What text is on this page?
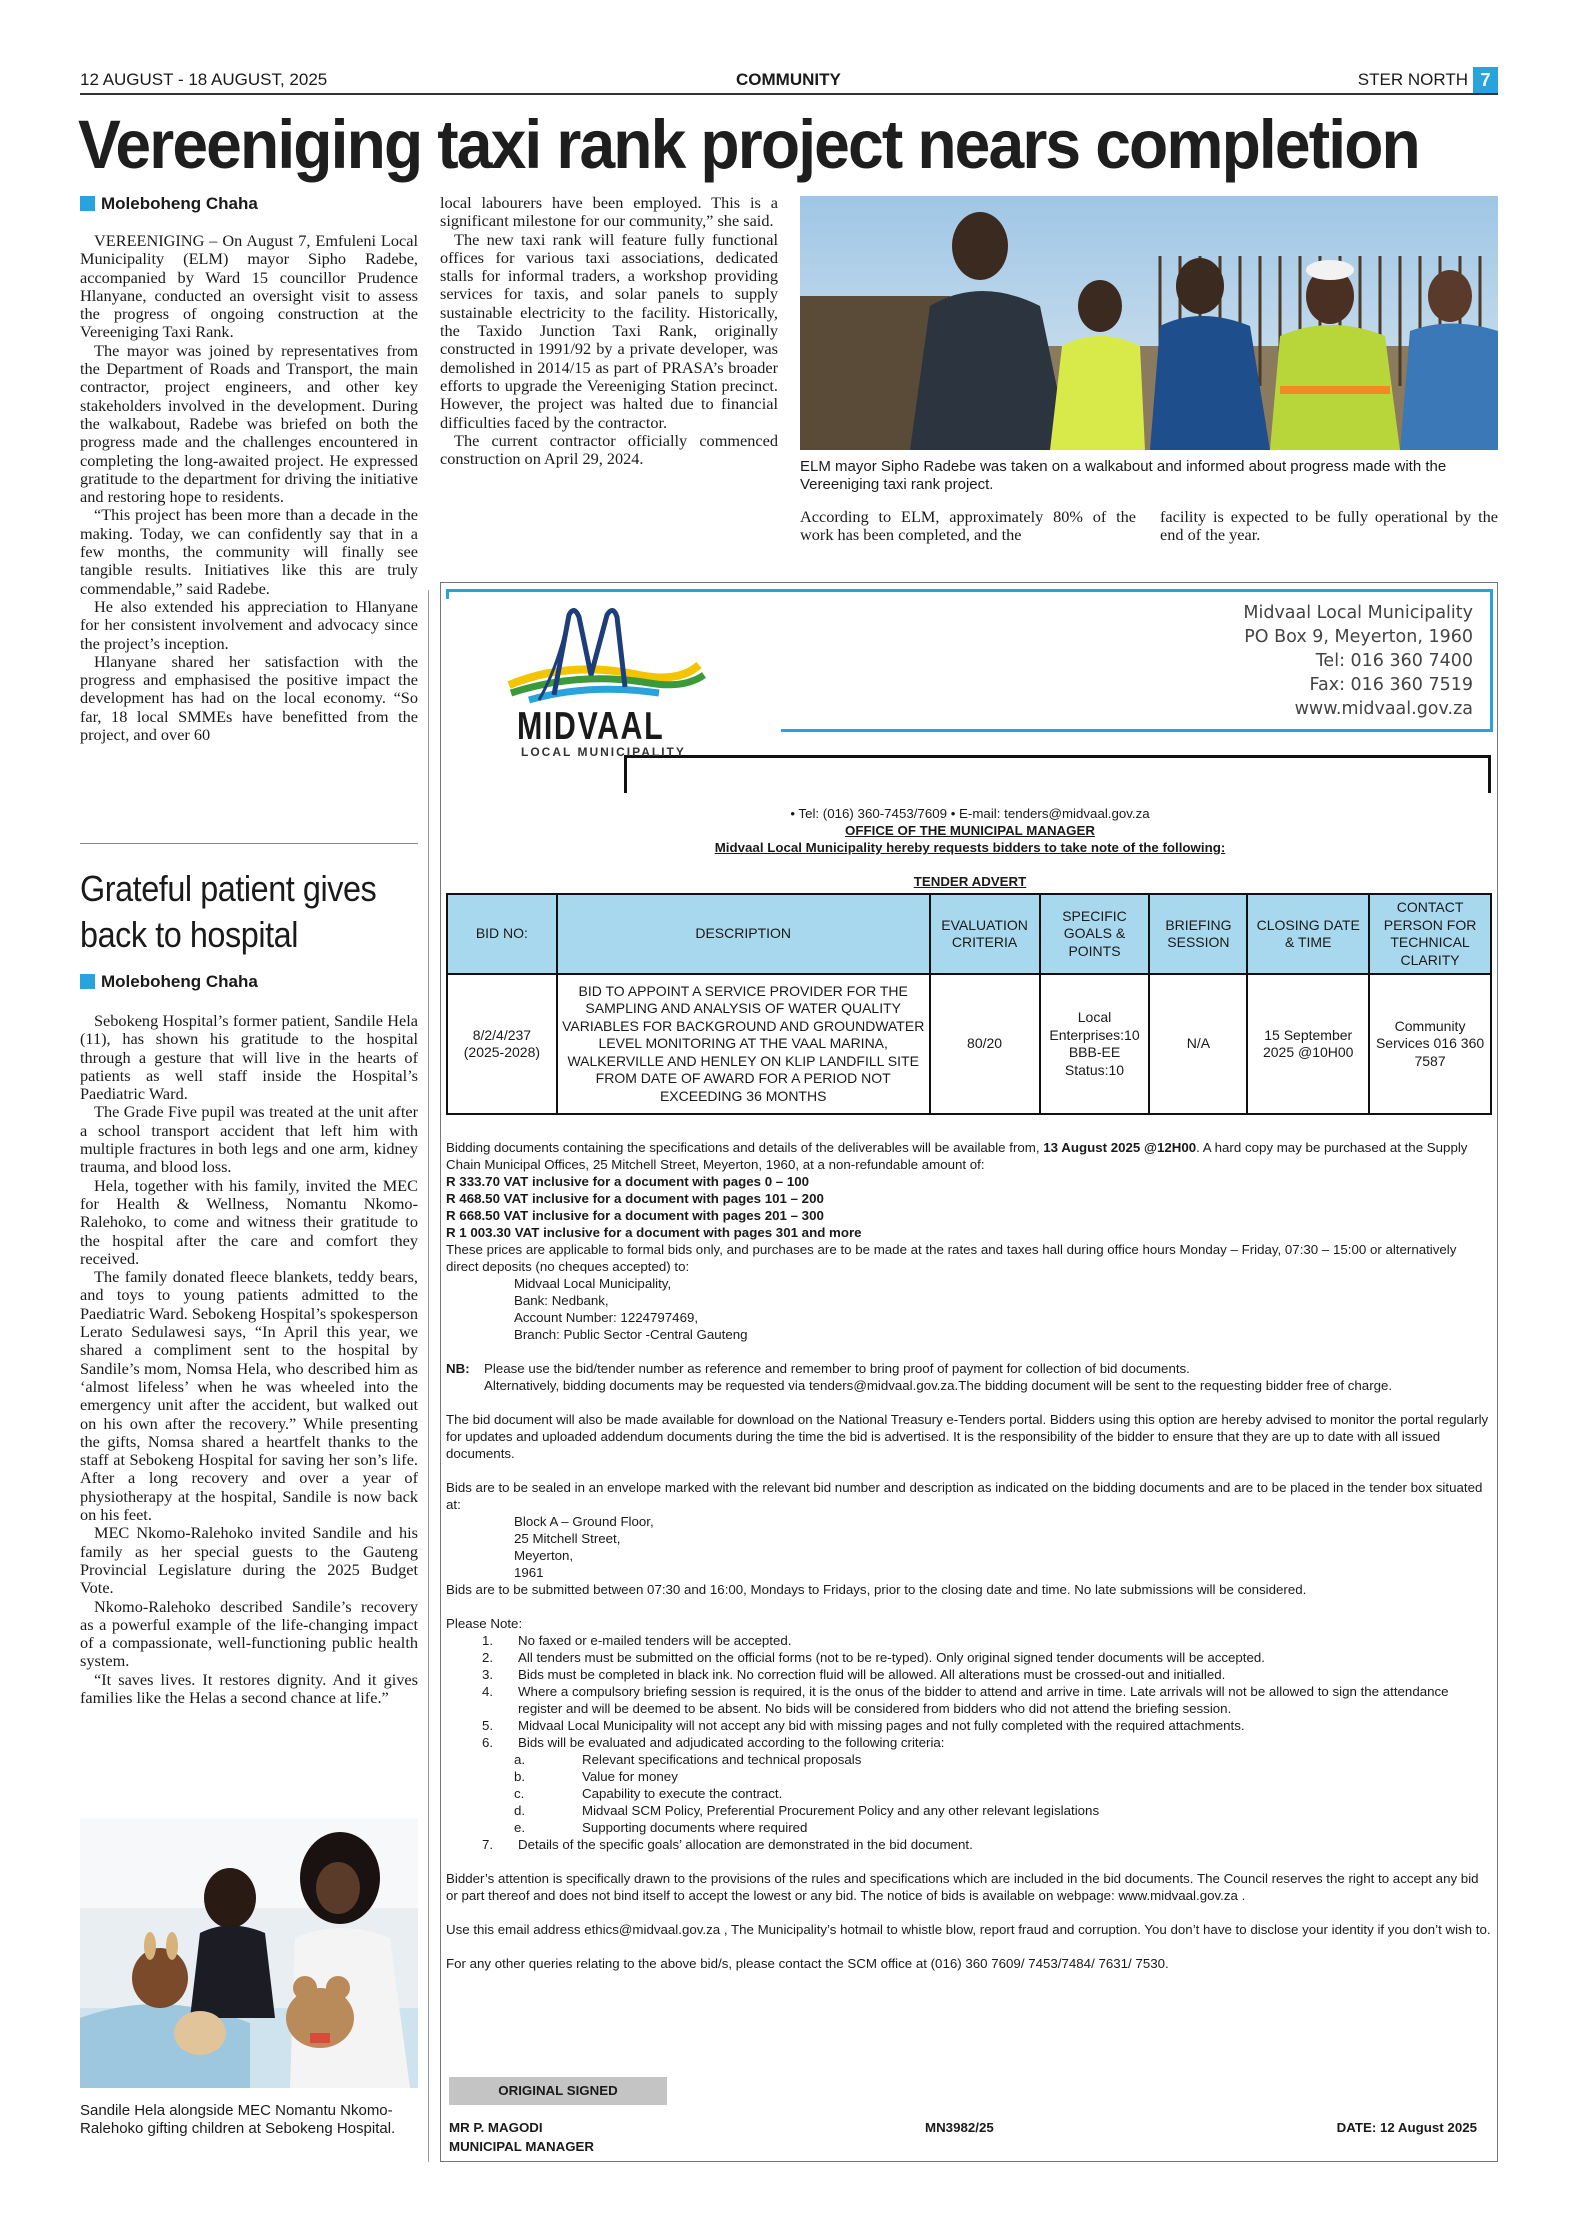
12 AUGUST - 18 AUGUST, 2025	COMMUNITY	STER NORTH 7
Vereeniging taxi rank project nears completion
Moleboheng Chaha

VEREENIGING – On August 7, Emfuleni Local Municipality (ELM) mayor Sipho Radebe, accompanied by Ward 15 councillor Prudence Hlanyane, conducted an oversight visit to assess the progress of ongoing construction at the Vereeniging Taxi Rank.

The mayor was joined by representatives from the Department of Roads and Transport, the main contractor, project engineers, and other key stakeholders involved in the development. During the walkabout, Radebe was briefed on both the progress made and the challenges encountered in completing the long-awaited project. He expressed gratitude to the department for driving the initiative and restoring hope to residents.

“This project has been more than a decade in the making. Today, we can confidently say that in a few months, the community will finally see tangible results. Initiatives like this are truly commendable,” said Radebe.

He also extended his appreciation to Hlanyane for her consistent involvement and advocacy since the project’s inception.

Hlanyane shared her satisfaction with the progress and emphasised the positive impact the development has had on the local economy. “So far, 18 local SMMEs have benefitted from the project, and over 60

local labourers have been employed. This is a significant milestone for our community,” she said.

The new taxi rank will feature fully functional offices for various taxi associations, dedicated stalls for informal traders, a workshop providing services for taxis, and solar panels to supply sustainable electricity to the facility. Historically, the Taxido Junction Taxi Rank, originally constructed in 1991/92 by a private developer, was demolished in 2014/15 as part of PRASA’s broader efforts to upgrade the Vereeniging Station precinct. However, the project was halted due to financial difficulties faced by the contractor.

The current contractor officially commenced construction on April 29, 2024.	ELM mayor Sipho Radebe was taken on a walkabout and informed about progress made with the Vereeniging taxi rank project.
According to ELM, approximately 80% of the work has been completed, and the
facility is expected to be fully operational by the end of the year.
Grateful patient gives
back to hospital
Moleboheng Chaha

Sebokeng Hospital’s former patient, Sandile Hela (11), has shown his gratitude to the hospital through a gesture that will live in the hearts of patients as well staff inside the Hospital’s Paediatric Ward.

The Grade Five pupil was treated at the unit after a school transport accident that left him with multiple fractures in both legs and one arm, kidney trauma, and blood loss.

Hela, together with his family, invited the MEC for Health & Wellness, Nomantu Nkomo-Ralehoko, to come and witness their gratitude to the hospital after the care and comfort they received.

The family donated fleece blankets, teddy bears, and toys to young patients admitted to the Paediatric Ward. Sebokeng Hospital’s spokesperson Lerato Sedulawesi says, “In April this year, we shared a compliment sent to the hospital by Sandile’s mom, Nomsa Hela, who described him as ‘almost lifeless’ when he was wheeled into the emergency unit after the accident, but walked out on his own after the recovery.” While presenting the gifts, Nomsa shared a heartfelt thanks to the staff at Sebokeng Hospital for saving her son’s life. After a long recovery and over a year of physiotherapy at the hospital, Sandile is now back on his feet.

MEC Nkomo-Ralehoko invited Sandile and his family as her special guests to the Gauteng Provincial Legislature during the 2025 Budget Vote.

Nkomo-Ralehoko described Sandile’s recovery as a powerful example of the life-changing impact of a compassionate, well-functioning public health system.

“It saves lives. It restores dignity. And it gives families like the Helas a second chance at life.”

Sandile Hela alongside MEC Nomantu Nkomo-Ralehoko gifting children at Sebokeng Hospital.
MIDVAAL
LOCAL MUNICIPALITY
Midvaal Local Municipality
PO Box 9, Meyerton, 1960
Tel: 016 360 7400
Fax: 016 360 7519
www.midvaal.gov.za
• Tel: (016) 360-7453/7609 • E-mail: tenders@midvaal.gov.za
OFFICE OF THE MUNICIPAL MANAGER
Midvaal Local Municipality hereby requests bidders to take note of the following:
TENDER ADVERT
BID NO:	DESCRIPTION	EVALUATION CRITERIA	SPECIFIC GOALS & POINTS	BRIEFING SESSION	CLOSING DATE & TIME	CONTACT PERSON FOR TECHNICAL CLARITY
8/2/4/237 (2025-2028)	BID TO APPOINT A SERVICE PROVIDER FOR THE SAMPLING AND ANALYSIS OF WATER QUALITY VARIABLES FOR BACKGROUND AND GROUNDWATER LEVEL MONITORING AT THE VAAL MARINA, WALKERVILLE AND HENLEY ON KLIP LANDFILL SITE FROM DATE OF AWARD FOR A PERIOD NOT EXCEEDING 36 MONTHS	80/20	Local Enterprises:10 BBB-EE Status:10	N/A	15 September 2025 @10H00	Community Services 016 360 7587
Bidding documents containing the specifications and details of the deliverables will be available from, 13 August 2025 @12H00. A hard copy may be purchased at the Supply Chain Municipal Offices, 25 Mitchell Street, Meyerton, 1960, at a non-refundable amount of:
R 333.70 VAT inclusive for a document with pages 0 – 100
R 468.50 VAT inclusive for a document with pages 101 – 200
R 668.50 VAT inclusive for a document with pages 201 – 300
R 1 003.30 VAT inclusive for a document with pages 301 and more
These prices are applicable to formal bids only, and purchases are to be made at the rates and taxes hall during office hours Monday – Friday, 07:30 – 15:00 or alternatively direct deposits (no cheques accepted) to:
Midvaal Local Municipality,
Bank: Nedbank,
Account Number: 1224797469,
Branch: Public Sector -Central Gauteng
NB:	Please use the bid/tender number as reference and remember to bring proof of payment for collection of bid documents.
Alternatively, bidding documents may be requested via tenders@midvaal.gov.za.The bidding document will be sent to the requesting bidder free of charge.
The bid document will also be made available for download on the National Treasury e-Tenders portal. Bidders using this option are hereby advised to monitor the portal regularly for updates and uploaded addendum documents during the time the bid is advertised. It is the responsibility of the bidder to ensure that they are up to date with all issued documents.
Bids are to be sealed in an envelope marked with the relevant bid number and description as indicated on the bidding documents and are to be placed in the tender box situated at:
Block A – Ground Floor,
25 Mitchell Street,
Meyerton,
1961
Bids are to be submitted between 07:30 and 16:00, Mondays to Fridays, prior to the closing date and time. No late submissions will be considered.
Please Note:
1.	No faxed or e-mailed tenders will be accepted.
2.	All tenders must be submitted on the official forms (not to be re-typed). Only original signed tender documents will be accepted.
3.	Bids must be completed in black ink. No correction fluid will be allowed. All alterations must be crossed-out and initialled.
4.	Where a compulsory briefing session is required, it is the onus of the bidder to attend and arrive in time. Late arrivals will not be allowed to sign the attendance register and will be deemed to be absent. No bids will be considered from bidders who did not attend the briefing session.
5.	Midvaal Local Municipality will not accept any bid with missing pages and not fully completed with the required attachments.
6.	Bids will be evaluated and adjudicated according to the following criteria:
a.	Relevant specifications and technical proposals
b.	Value for money
c.	Capability to execute the contract.
d.	Midvaal SCM Policy, Preferential Procurement Policy and any other relevant legislations
e.	Supporting documents where required
7.	Details of the specific goals’ allocation are demonstrated in the bid document.
Bidder’s attention is specifically drawn to the provisions of the rules and specifications which are included in the bid documents. The Council reserves the right to accept any bid or part thereof and does not bind itself to accept the lowest or any bid. The notice of bids is available on webpage: www.midvaal.gov.za .
Use this email address ethics@midvaal.gov.za , The Municipality’s hotmail to whistle blow, report fraud and corruption. You don’t have to disclose your identity if you don’t wish to.
For any other queries relating to the above bid/s, please contact the SCM office at (016) 360 7609/ 7453/7484/ 7631/ 7530.
ORIGINAL SIGNED
MR P. MAGODI
MUNICIPAL MANAGER
MN3982/25	DATE: 12 August 2025
